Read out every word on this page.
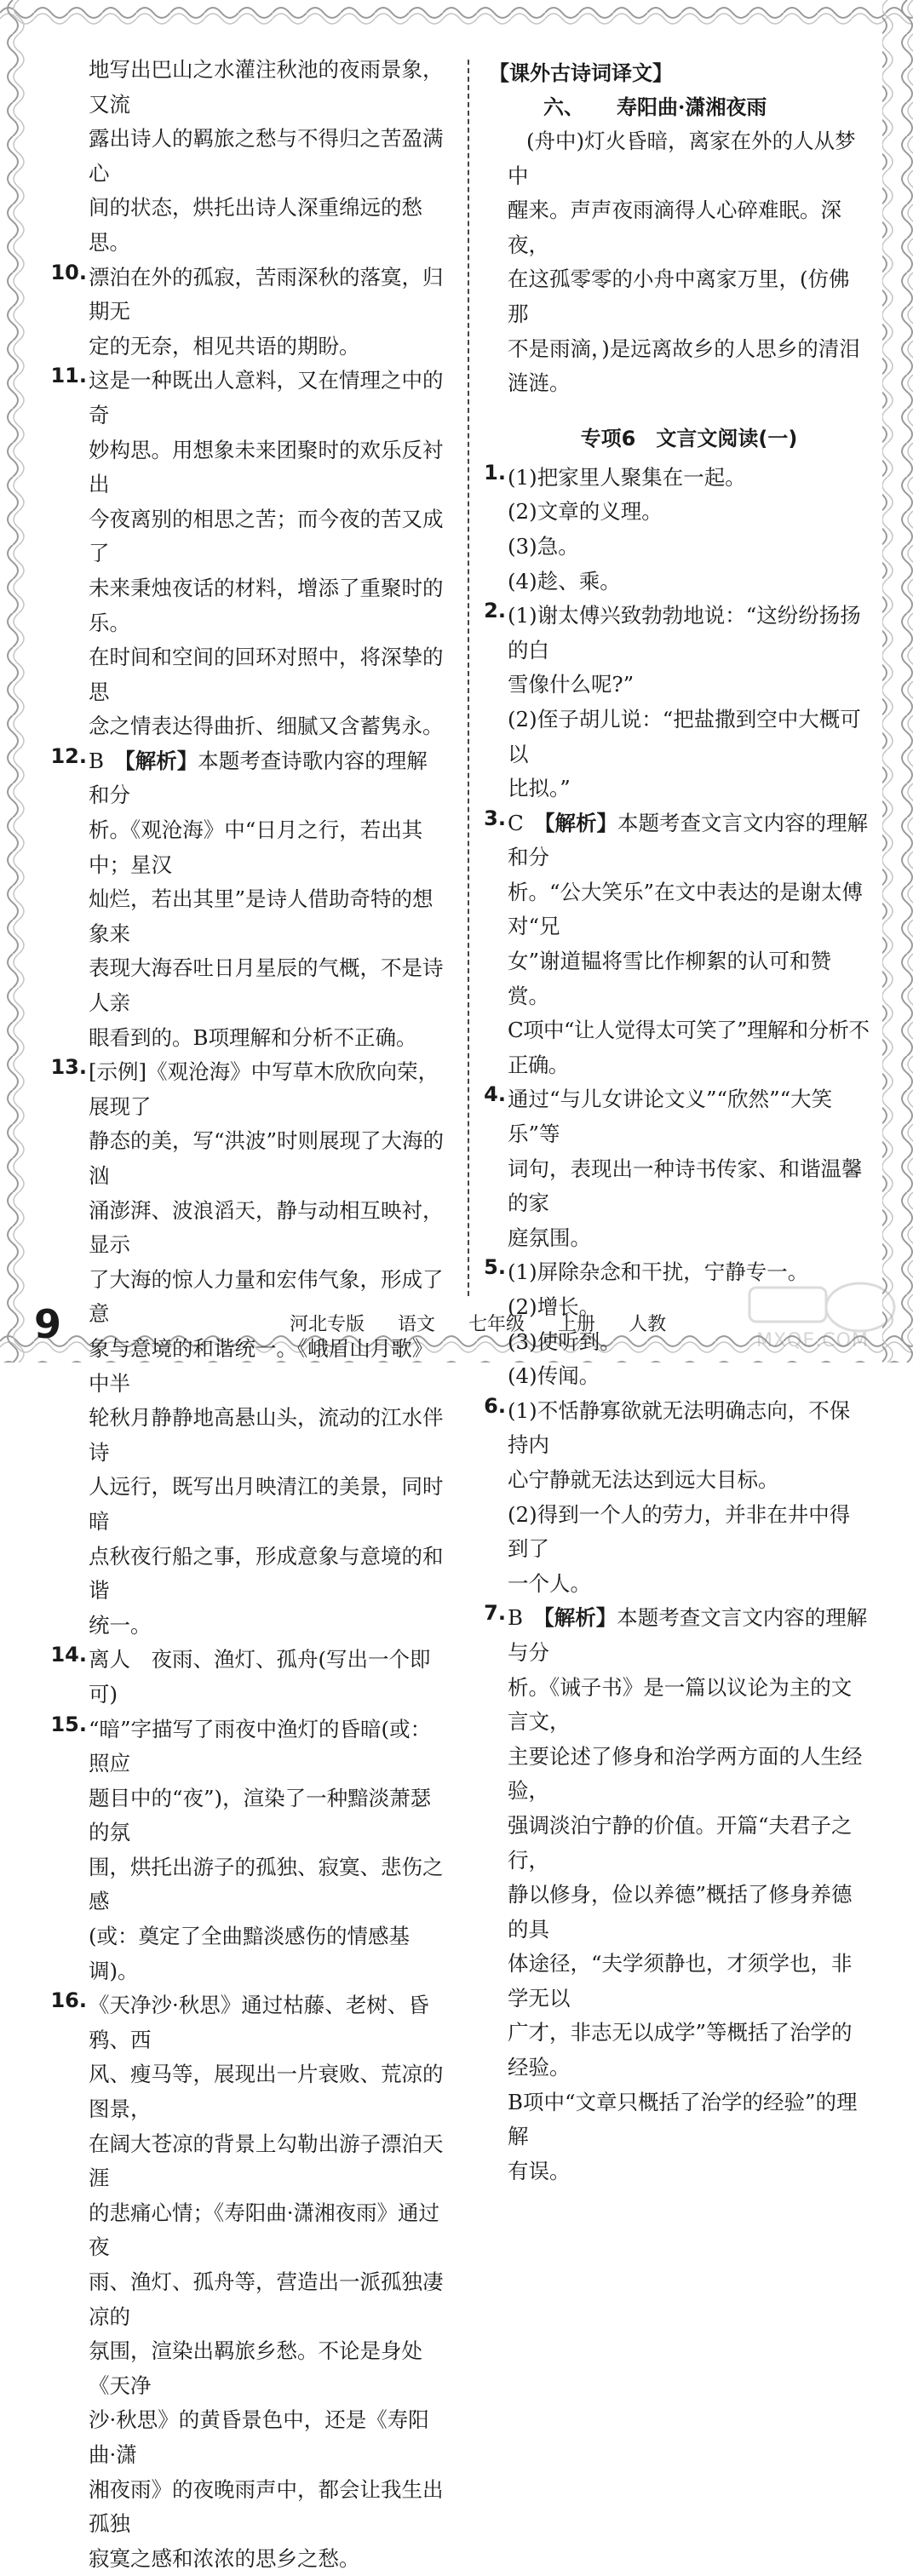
地写出巴山之水灌注秋池的夜雨景象，又流

露出诗人的羁旅之愁与不得归之苦盈满心

间的状态，烘托出诗人深重绵远的愁思。

10. 漂泊在外的孤寂，苦雨深秋的落寞，归期无

定的无奈，相见共语的期盼。

11. 这是一种既出人意料，又在情理之中的奇

妙构思。用想象未来团聚时的欢乐反衬出

今夜离别的相思之苦；而今夜的苦又成了

未来秉烛夜话的材料，增添了重聚时的乐。

在时间和空间的回环对照中，将深挚的思

念之情表达得曲折、细腻又含蓄隽永。

12. B　 【解析】本题考查诗歌内容的理解和分

析。《观沧海》中“日月之行，若出其中；星汉

灿烂，若出其里”是诗人借助奇特的想象来

表现大海吞吐日月星辰的气概，不是诗人亲

眼看到的。B项理解和分析不正确。

13. [示例]《观沧海》中写草木欣欣向荣，展现了

静态的美，写“洪波”时则展现了大海的汹

涌澎湃、波浪滔天，静与动相互映衬，显示

了大海的惊人力量和宏伟气象，形成了意

象与意境的和谐统一。《峨眉山月歌》中半

轮秋月静静地高悬山头，流动的江水伴诗

人远行，既写出月映清江的美景，同时暗

点秋夜行船之事，形成意象与意境的和谐

统一。

14. 离人　夜雨、渔灯、孤舟(写出一个即可)

15. “暗”字描写了雨夜中渔灯的昏暗(或：照应

题目中的“夜”)，渲染了一种黯淡萧瑟的氛

围，烘托出游子的孤独、寂寞、悲伤之感

(或：奠定了全曲黯淡感伤的情感基调)。

16. 《天净沙·秋思》通过枯藤、老树、昏鸦、西

风、瘦马等，展现出一片衰败、荒凉的图景，

在阔大苍凉的背景上勾勒出游子漂泊天涯

的悲痛心情；《寿阳曲·潇湘夜雨》通过夜

雨、渔灯、孤舟等，营造出一派孤独凄凉的

氛围，渲染出羁旅乡愁。不论是身处《天净

沙·秋思》的黄昏景色中，还是《寿阳曲·潇

湘夜雨》的夜晚雨声中，都会让我生出孤独

寂寞之感和浓浓的思乡之愁。

【课外古诗词译文】
六、 寿阳曲·潇湘夜雨

(舟中)灯火昏暗，离家在外的人从梦中

醒来。声声夜雨滴得人心碎难眠。深夜，

在这孤零零的小舟中离家万里，(仿佛那

不是雨滴，)是远离故乡的人思乡的清泪

涟涟。

专项6　文言文阅读(一)
1. (1)把家里人聚集在一起。

(2)文章的义理。

(3)急。

(4)趁、乘。

2. (1)谢太傅兴致勃勃地说：“这纷纷扬扬的白

雪像什么呢?”

(2)侄子胡儿说：“把盐撒到空中大概可以

比拟。”

3. C　 【解析】本题考查文言文内容的理解和分

析。“公大笑乐”在文中表达的是谢太傅对“兄

女”谢道韫将雪比作柳絮的认可和赞赏。

C项中“让人觉得太可笑了”理解和分析不正确。

4. 通过“与儿女讲论文义”“欣然”“大笑乐”等

词句，表现出一种诗书传家、和谐温馨的家

庭氛围。

5. (1)屏除杂念和干扰，宁静专一。

(2)增长。

(3)使听到。

(4)传闻。

6. (1)不恬静寡欲就无法明确志向，不保持内

心宁静就无法达到远大目标。

(2)得到一个人的劳力，并非在井中得到了

一个人。

7. B　 【解析】本题考查文言文内容的理解与分

析。《诫子书》是一篇以议论为主的文言文，

主要论述了修身和治学两方面的人生经验，

强调淡泊宁静的价值。开篇“夫君子之行，

静以修身，俭以养德”概括了修身养德的具

体途径，“夫学须静也，才须学也，非学无以

广才，非志无以成学”等概括了治学的经验。

B项中“文章只概括了治学的经验”的理解

有误。

9	河北专版 语文 七年级 上册 人教
MXQE.COM
